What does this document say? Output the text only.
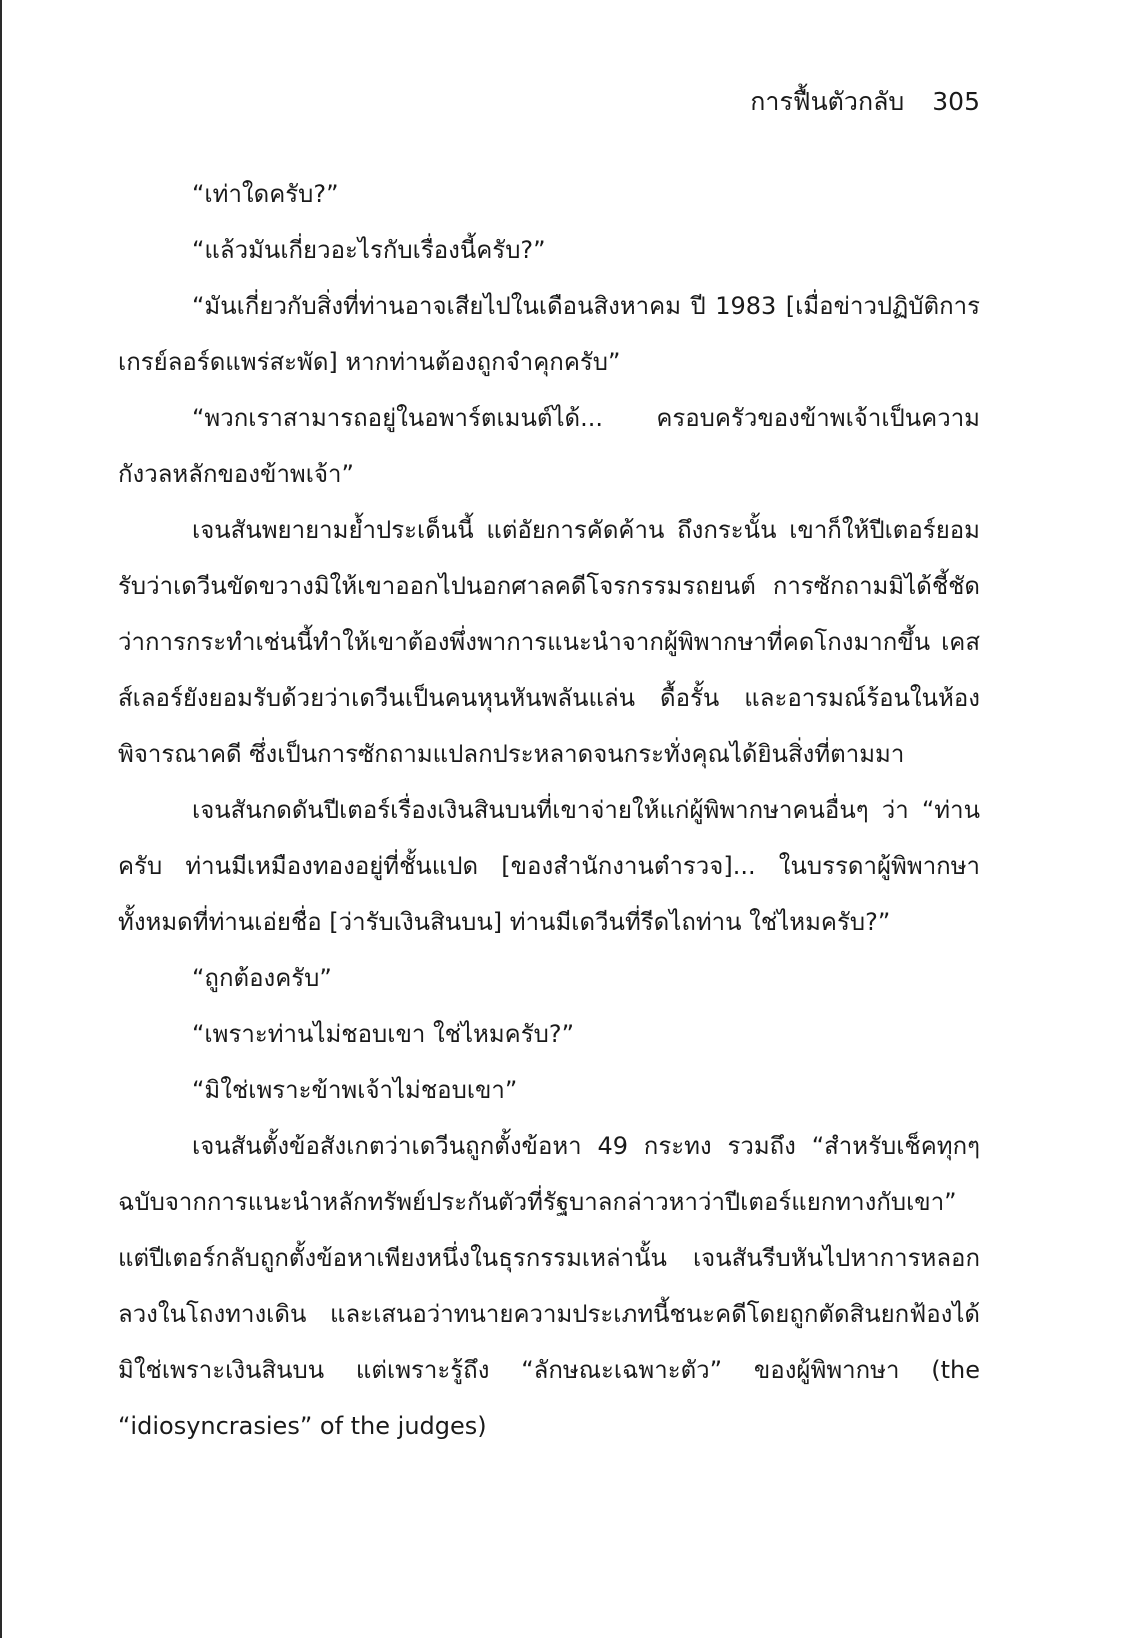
การฟื้นตัวกลับ 305

“เท่าใดครับ?”

“แล้วมันเกี่ยวอะไรกับเรื่องนี้ครับ?”

“มันเกี่ยวกับสิ่งที่ท่านอาจเสียไปในเดือนสิงหาคม ปี 1983 [เมื่อข่าวปฏิบัติการเกรย์ลอร์ดแพร่สะพัด] หากท่านต้องถูกจำคุกครับ”

“พวกเราสามารถอยู่ในอพาร์ตเมนต์ได้... ครอบครัวของข้าพเจ้าเป็นความกังวลหลักของข้าพเจ้า”

เจนสันพยายามย้ำประเด็นนี้ แต่อัยการคัดค้าน ถึงกระนั้น เขาก็ให้ปีเตอร์ยอมรับว่าเดวีนขัดขวางมิให้เขาออกไปนอกศาลคดีโจรกรรมรถยนต์ การซักถามมิได้ชี้ชัดว่าการกระทำเช่นนี้ทำให้เขาต้องพึ่งพาการแนะนำจากผู้พิพากษาที่คดโกงมากขึ้น เคสส์เลอร์ยังยอมรับด้วยว่าเดวีนเป็นคนหุนหันพลันแล่น ดื้อรั้น และอารมณ์ร้อนในห้องพิจารณาคดี ซึ่งเป็นการซักถามแปลกประหลาดจนกระทั่งคุณได้ยินสิ่งที่ตามมา

เจนสันกดดันปีเตอร์เรื่องเงินสินบนที่เขาจ่ายให้แก่ผู้พิพากษาคนอื่นๆ ว่า “ท่านครับ ท่านมีเหมืองทองอยู่ที่ชั้นแปด [ของสำนักงานตำรวจ]... ในบรรดาผู้พิพากษาทั้งหมดที่ท่านเอ่ยชื่อ [ว่ารับเงินสินบน] ท่านมีเดวีนที่รีดไถท่าน ใช่ไหมครับ?”

“ถูกต้องครับ”

“เพราะท่านไม่ชอบเขา ใช่ไหมครับ?”

“มิใช่เพราะข้าพเจ้าไม่ชอบเขา”

เจนสันตั้งข้อสังเกตว่าเดวีนถูกตั้งข้อหา 49 กระทง รวมถึง “สำหรับเช็คทุกๆ ฉบับจากการแนะนำหลักทรัพย์ประกันตัวที่รัฐบาลกล่าวหาว่าปีเตอร์แยกทางกับเขา” แต่ปีเตอร์กลับถูกตั้งข้อหาเพียงหนึ่งในธุรกรรมเหล่านั้น เจนสันรีบหันไปหาการหลอกลวงในโถงทางเดิน และเสนอว่าทนายความประเภทนี้ชนะคดีโดยถูกตัดสินยกฟ้องได้มิใช่เพราะเงินสินบน แต่เพราะรู้ถึง “ลักษณะเฉพาะตัว” ของผู้พิพากษา (the “idiosyncrasies” of the judges)
